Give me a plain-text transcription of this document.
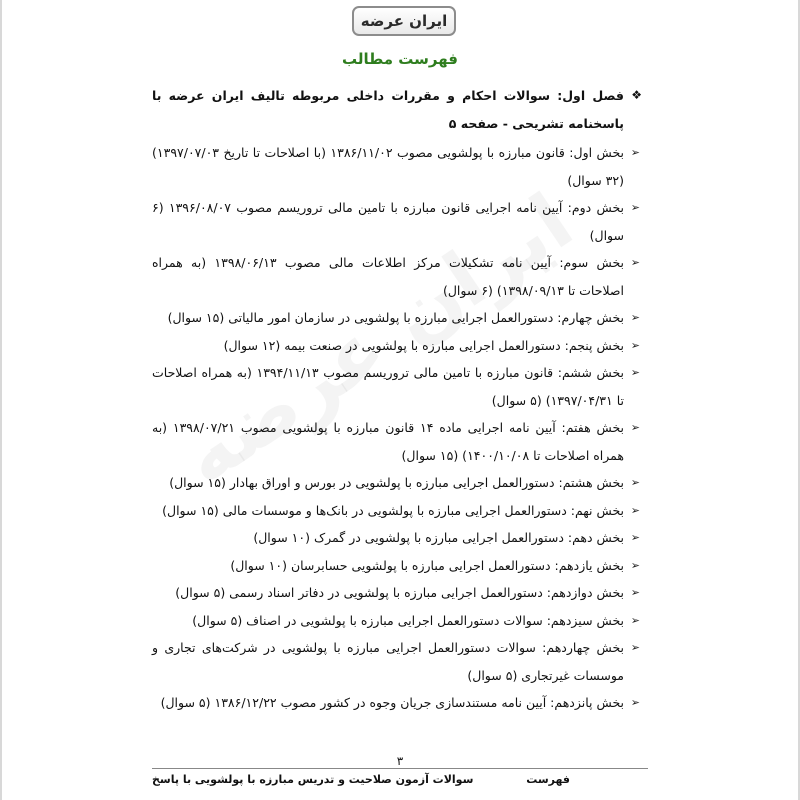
ایران عرضه
فهرست مطالب
❖
فصل اول: سوالات احکام و مقررات داخلی مربوطه تالیف ایران عرضه با پاسخنامه تشریحی - صفحه ۵
➢
بخش اول: قانون مبارزه با پولشویی مصوب ۱۳۸۶/۱۱/۰۲ (با اصلاحات تا تاریخ ۱۳۹۷/۰۷/۰۳) (۳۲ سوال)
➢
بخش دوم: آیین نامه اجرایی قانون مبارزه با تامین مالی تروریسم مصوب ۱۳۹۶/۰۸/۰۷ (۶ سوال)
➢
بخش سوم: آیین نامه تشکیلات مرکز اطلاعات مالی مصوب ۱۳۹۸/۰۶/۱۳ (به همراه اصلاحات تا ۱۳۹۸/۰۹/۱۳) (۶ سوال)
➢
بخش چهارم: دستورالعمل اجرایی مبارزه با پولشویی در سازمان امور مالیاتی (۱۵ سوال)
➢
بخش پنجم: دستورالعمل اجرایی مبارزه با پولشویی در صنعت بیمه (۱۲ سوال)
➢
بخش ششم: قانون مبارزه با تامین مالی تروریسم مصوب ۱۳۹۴/۱۱/۱۳ (به همراه اصلاحات تا ۱۳۹۷/۰۴/۳۱) (۵ سوال)
➢
بخش هفتم: آیین نامه اجرایی ماده ۱۴ قانون مبارزه با پولشویی مصوب ۱۳۹۸/۰۷/۲۱ (به همراه اصلاحات تا ۱۴۰۰/۱۰/۰۸) (۱۵ سوال)
➢
بخش هشتم: دستورالعمل اجرایی مبارزه با پولشویی در بورس و اوراق بهادار (۱۵ سوال)
➢
بخش نهم: دستورالعمل اجرایی مبارزه با پولشویی در بانک‌ها و موسسات مالی (۱۵ سوال)
➢
بخش دهم: دستورالعمل اجرایی مبارزه با پولشویی در گمرک (۱۰ سوال)
➢
بخش یازدهم: دستورالعمل اجرایی مبارزه با پولشویی حسابرسان (۱۰ سوال)
➢
بخش دوازدهم: دستورالعمل اجرایی مبارزه با پولشویی در دفاتر اسناد رسمی (۵ سوال)
➢
بخش سیزدهم: سوالات دستورالعمل اجرایی مبارزه با پولشویی در اصناف (۵ سوال)
➢
بخش چهاردهم: سوالات دستورالعمل اجرایی مبارزه با پولشویی در شرکت‌های تجاری و موسسات غیرتجاری (۵ سوال)
➢
بخش پانزدهم: آیین نامه مستندسازی جریان وجوه در کشور مصوب ۱۳۸۶/۱۲/۲۲ (۵ سوال)
۳
سوالات آزمون صلاحیت و تدریس مبارزه با پولشویی با پاسخ	فهرست
